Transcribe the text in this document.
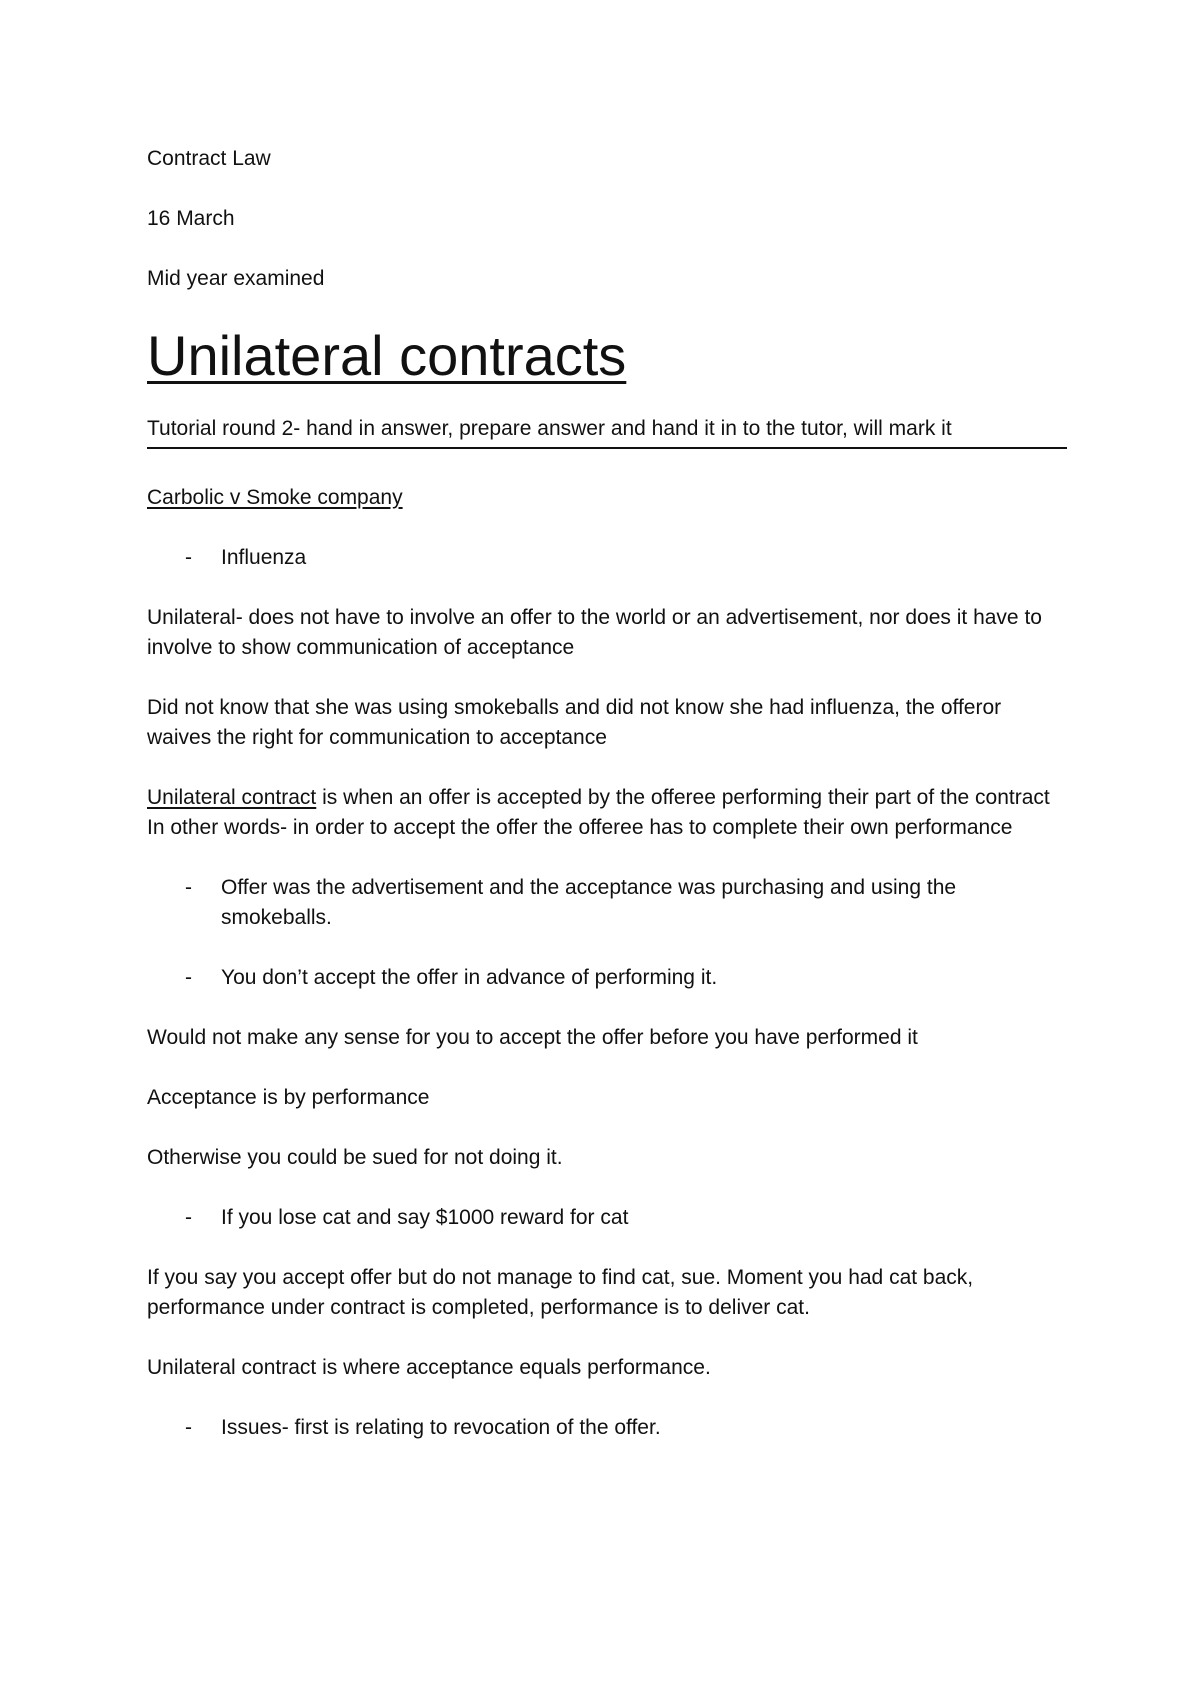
Contract Law

16 March

Mid year examined

Unilateral contracts

Tutorial round 2- hand in answer, prepare answer and hand it in to the tutor, will mark it

Carbolic v Smoke company

-	Influenza

Unilateral- does not have to involve an offer to the world or an advertisement, nor does it have to involve to show communication of acceptance

Did not know that she was using smokeballs and did not know she had influenza, the offeror waives the right for communication to acceptance

Unilateral contract is when an offer is accepted by the offeree performing their part of the contract

In other words- in order to accept the offer the offeree has to complete their own performance

-	Offer was the advertisement and the acceptance was purchasing and using the smokeballs.
-	You don’t accept the offer in advance of performing it.

Would not make any sense for you to accept the offer before you have performed it

Acceptance is by performance

Otherwise you could be sued for not doing it.

-	If you lose cat and say $1000 reward for cat

If you say you accept offer but do not manage to find cat, sue. Moment you had cat back, performance under contract is completed, performance is to deliver cat.

Unilateral contract is where acceptance equals performance.

-	Issues- first is relating to revocation of the offer.
